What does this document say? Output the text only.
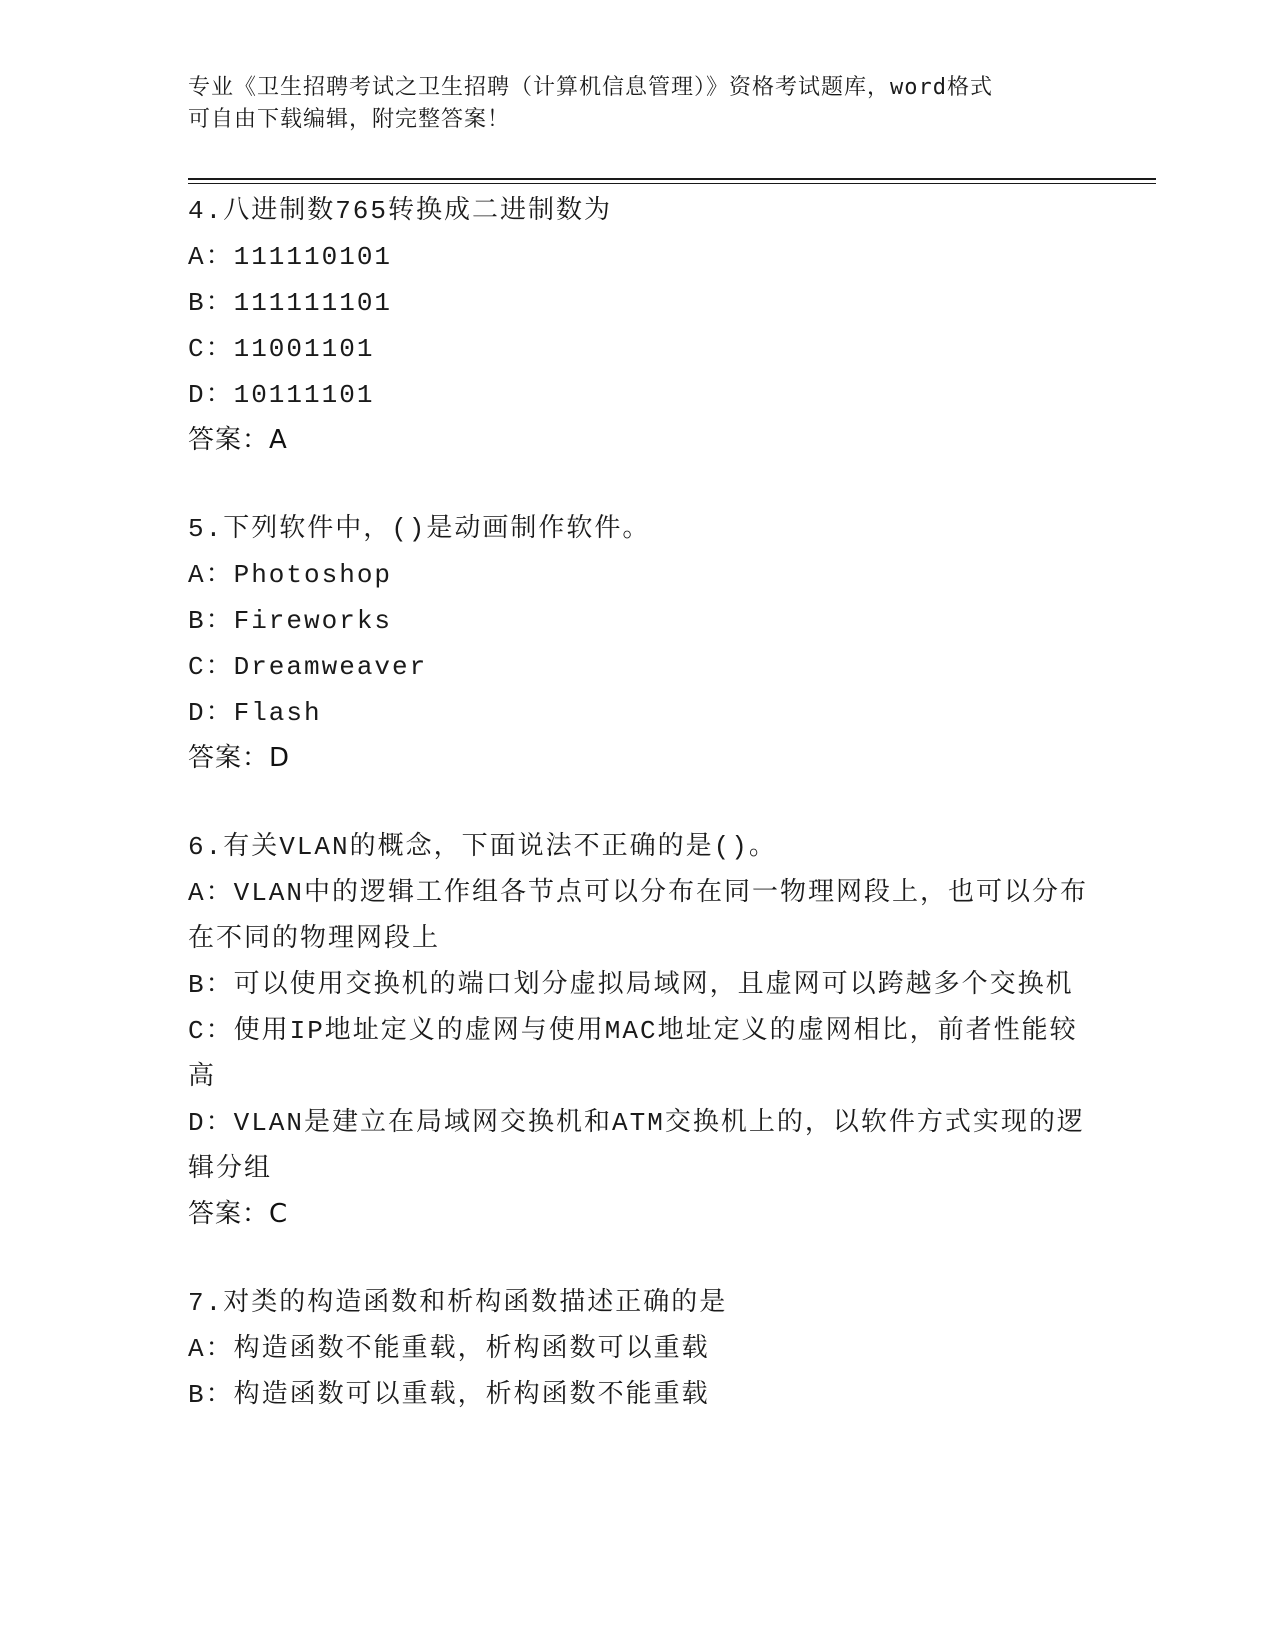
专业《卫生招聘考试之卫生招聘（计算机信息管理）》资格考试题库，word格式
可自由下载编辑，附完整答案！
4.八进制数765转换成二进制数为
A：111110101
B：111111101
C：11001101
D：10111101
答案：A
5.下列软件中，()是动画制作软件。
A：Photoshop
B：Fireworks
C：Dreamweaver
D：Flash
答案：D
6.有关VLAN的概念，下面说法不正确的是()。
A：VLAN中的逻辑工作组各节点可以分布在同一物理网段上，也可以分布在不同的物理网段上
B：可以使用交换机的端口划分虚拟局域网，且虚网可以跨越多个交换机
C：使用IP地址定义的虚网与使用MAC地址定义的虚网相比，前者性能较高
D：VLAN是建立在局域网交换机和ATM交换机上的，以软件方式实现的逻辑分组
答案：C
7.对类的构造函数和析构函数描述正确的是
A：构造函数不能重载，析构函数可以重载
B：构造函数可以重载，析构函数不能重载
